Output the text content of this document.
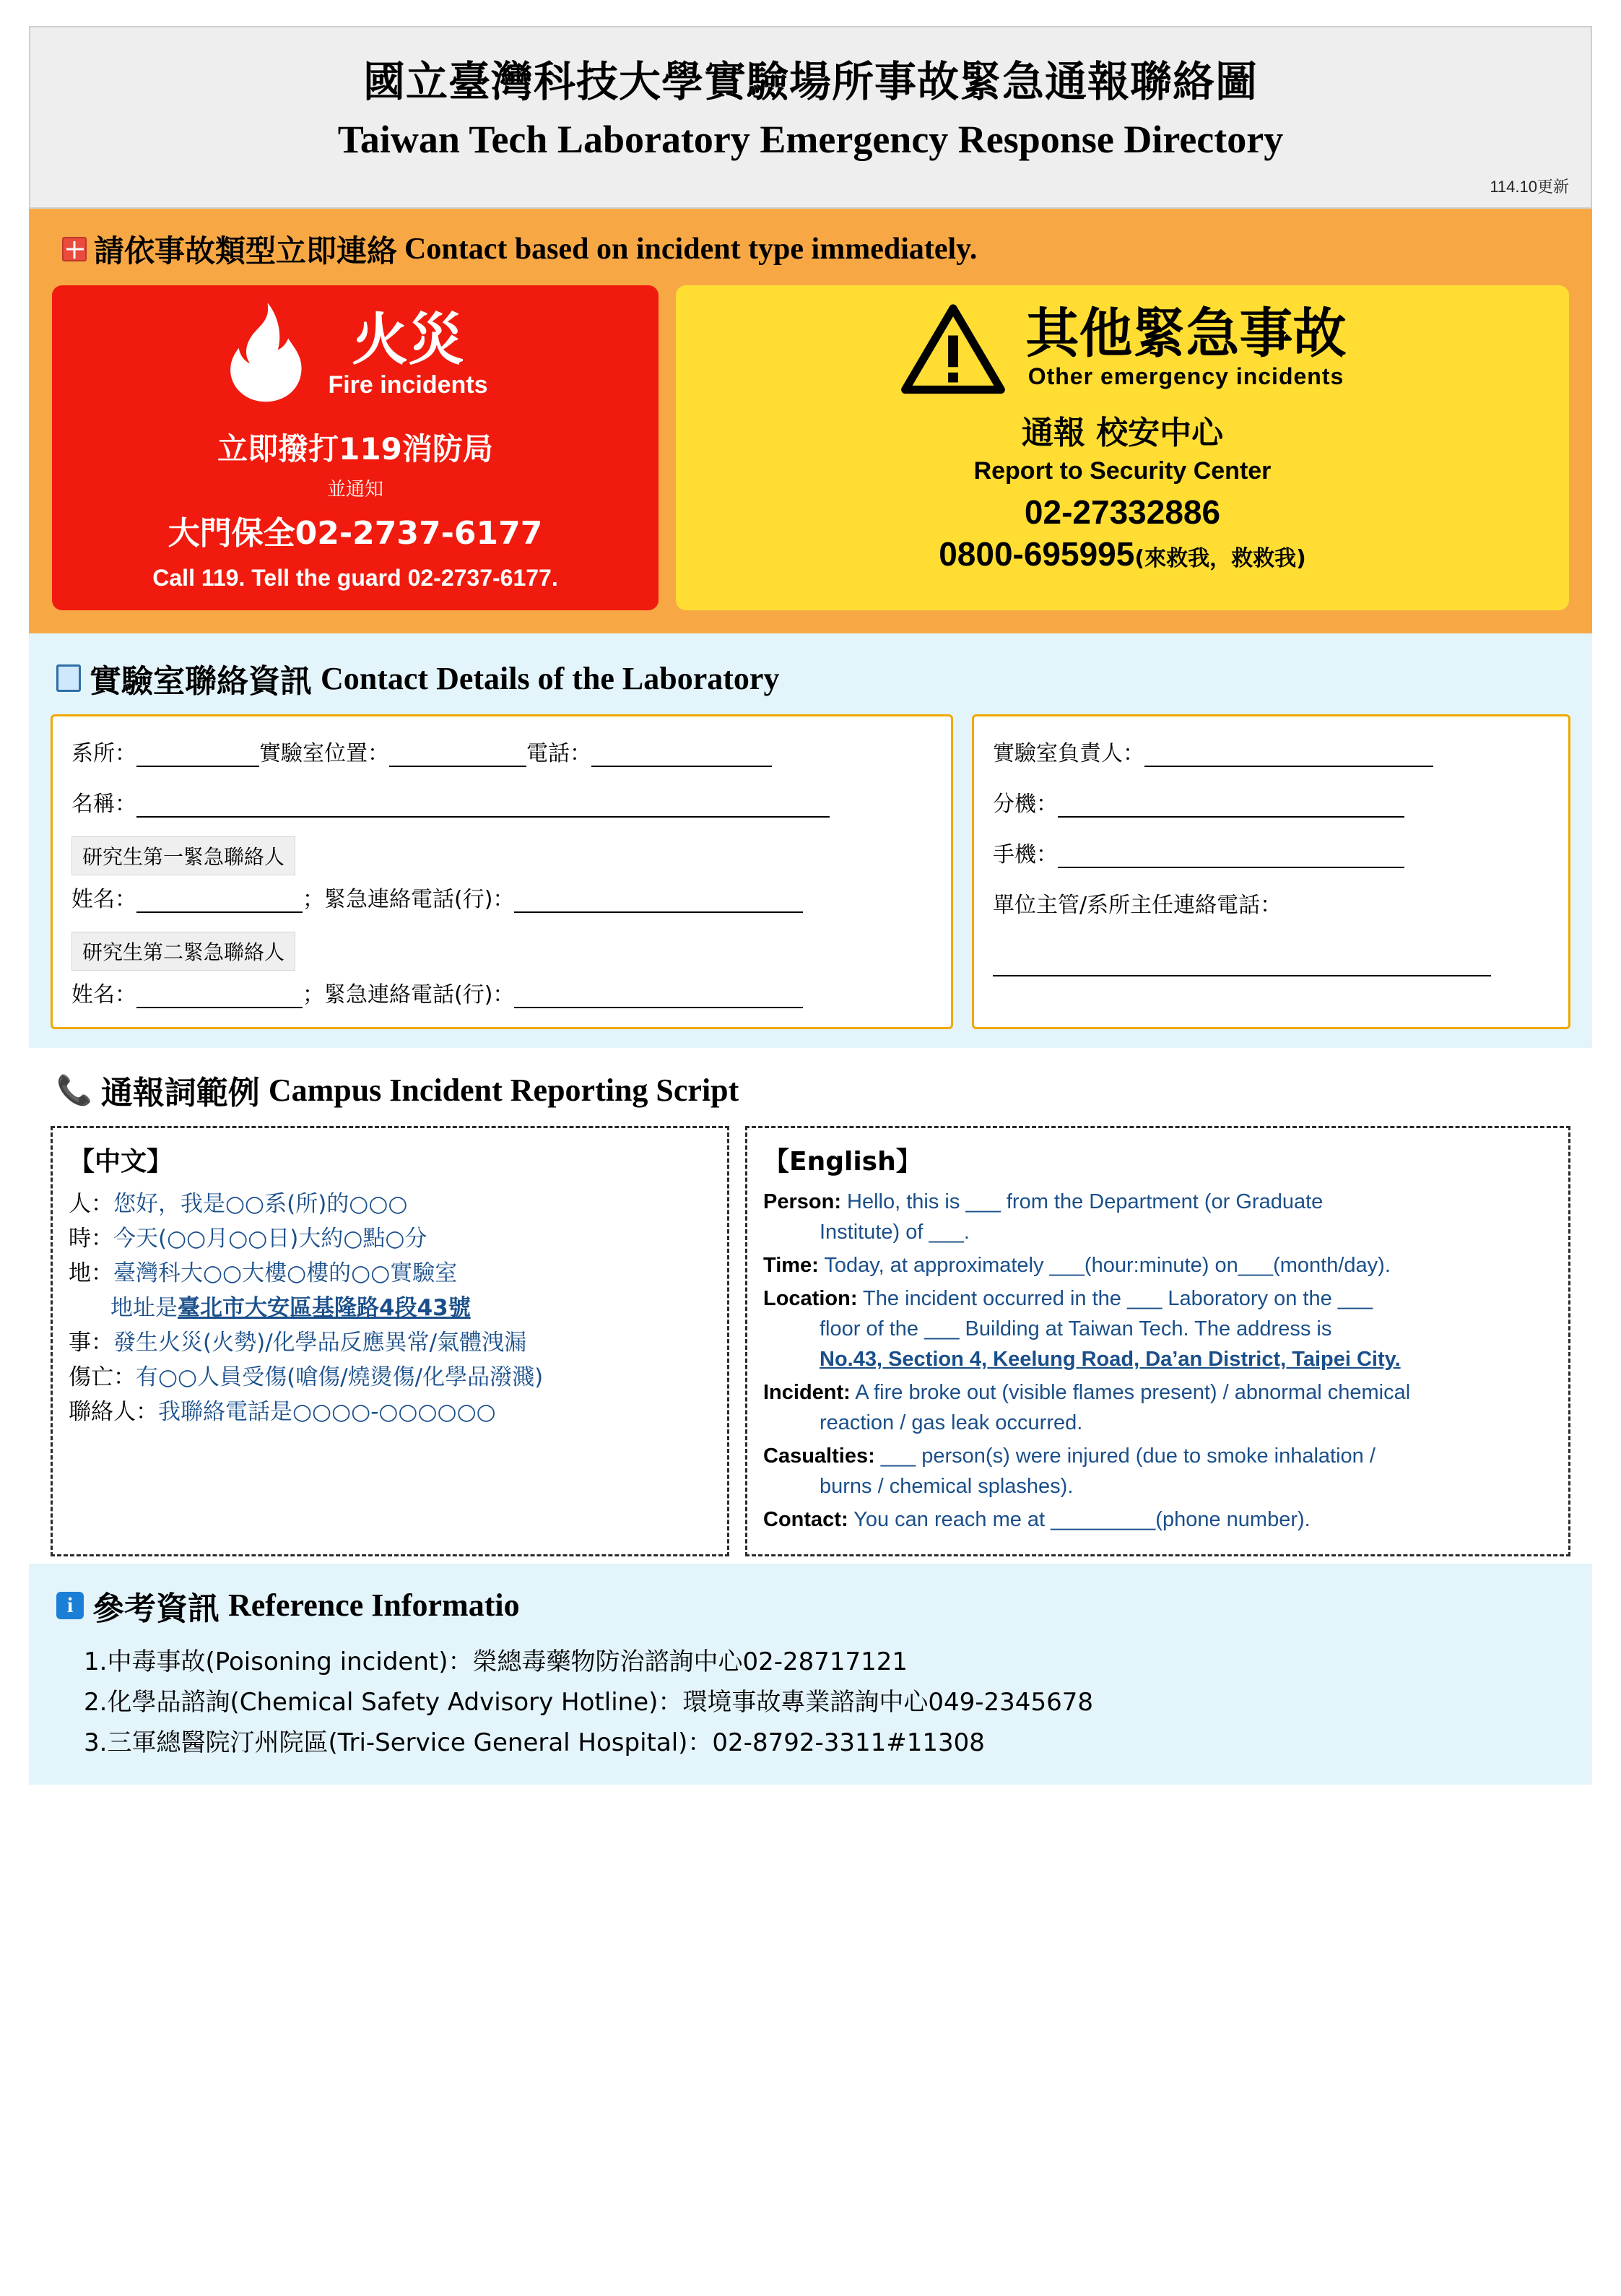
國立臺灣科技大學實驗場所事故緊急通報聯絡圖
Taiwan Tech Laboratory Emergency Response Directory
114.10更新
請依事故類型立即連絡 Contact based on incident type immediately.
火災
Fire incidents
立即撥打119消防局
並通知
大門保全02-2737-6177
Call 119. Tell the guard 02-2737-6177.
其他緊急事故
Other emergency incidents
通報 校安中心
Report to Security Center
02-27332886
0800-695995(來救我，救救我)
實驗室聯絡資訊 Contact Details of the Laboratory
系所：	實驗室位置：	電話：
名稱：
研究生第一緊急聯絡人
姓名：	；緊急連絡電話(行)：
研究生第二緊急聯絡人
姓名：	；緊急連絡電話(行)：
實驗室負責人：
分機：
手機：
單位主管/系所主任連絡電話：
📞 通報詞範例 Campus Incident Reporting Script
【中文】
人：您好，我是○○系(所)的○○○
時：今天(○○月○○日)大約○點○分
地：臺灣科大○○大樓○樓的○○實驗室
地址是臺北市大安區基隆路4段43號
事：發生火災(火勢)/化學品反應異常/氣體洩漏
傷亡：有○○人員受傷(嗆傷/燒燙傷/化學品潑濺)
聯絡人：我聯絡電話是○○○○-○○○○○○
【English】
Person: Hello, this is ___ from the Department (or Graduate
Institute) of ___.
Time: Today, at approximately ___(hour:minute) on___(month/day).
Location: The incident occurred in the ___ Laboratory on the ___
floor of the ___ Building at Taiwan Tech. The address is
No.43, Section 4, Keelung Road, Da’an District, Taipei City.
Incident: A fire broke out (visible flames present) / abnormal chemical
reaction / gas leak occurred.
Casualties: ___ person(s) were injured (due to smoke inhalation /
burns / chemical splashes).
Contact: You can reach me at _________(phone number).
i 參考資訊 Reference Informatio
1.中毒事故(Poisoning incident)：榮總毒藥物防治諮詢中心02-28717121
2.化學品諮詢(Chemical Safety Advisory Hotline)：環境事故專業諮詢中心049-2345678
3.三軍總醫院汀州院區(Tri-Service General Hospital)：02-8792-3311#11308
